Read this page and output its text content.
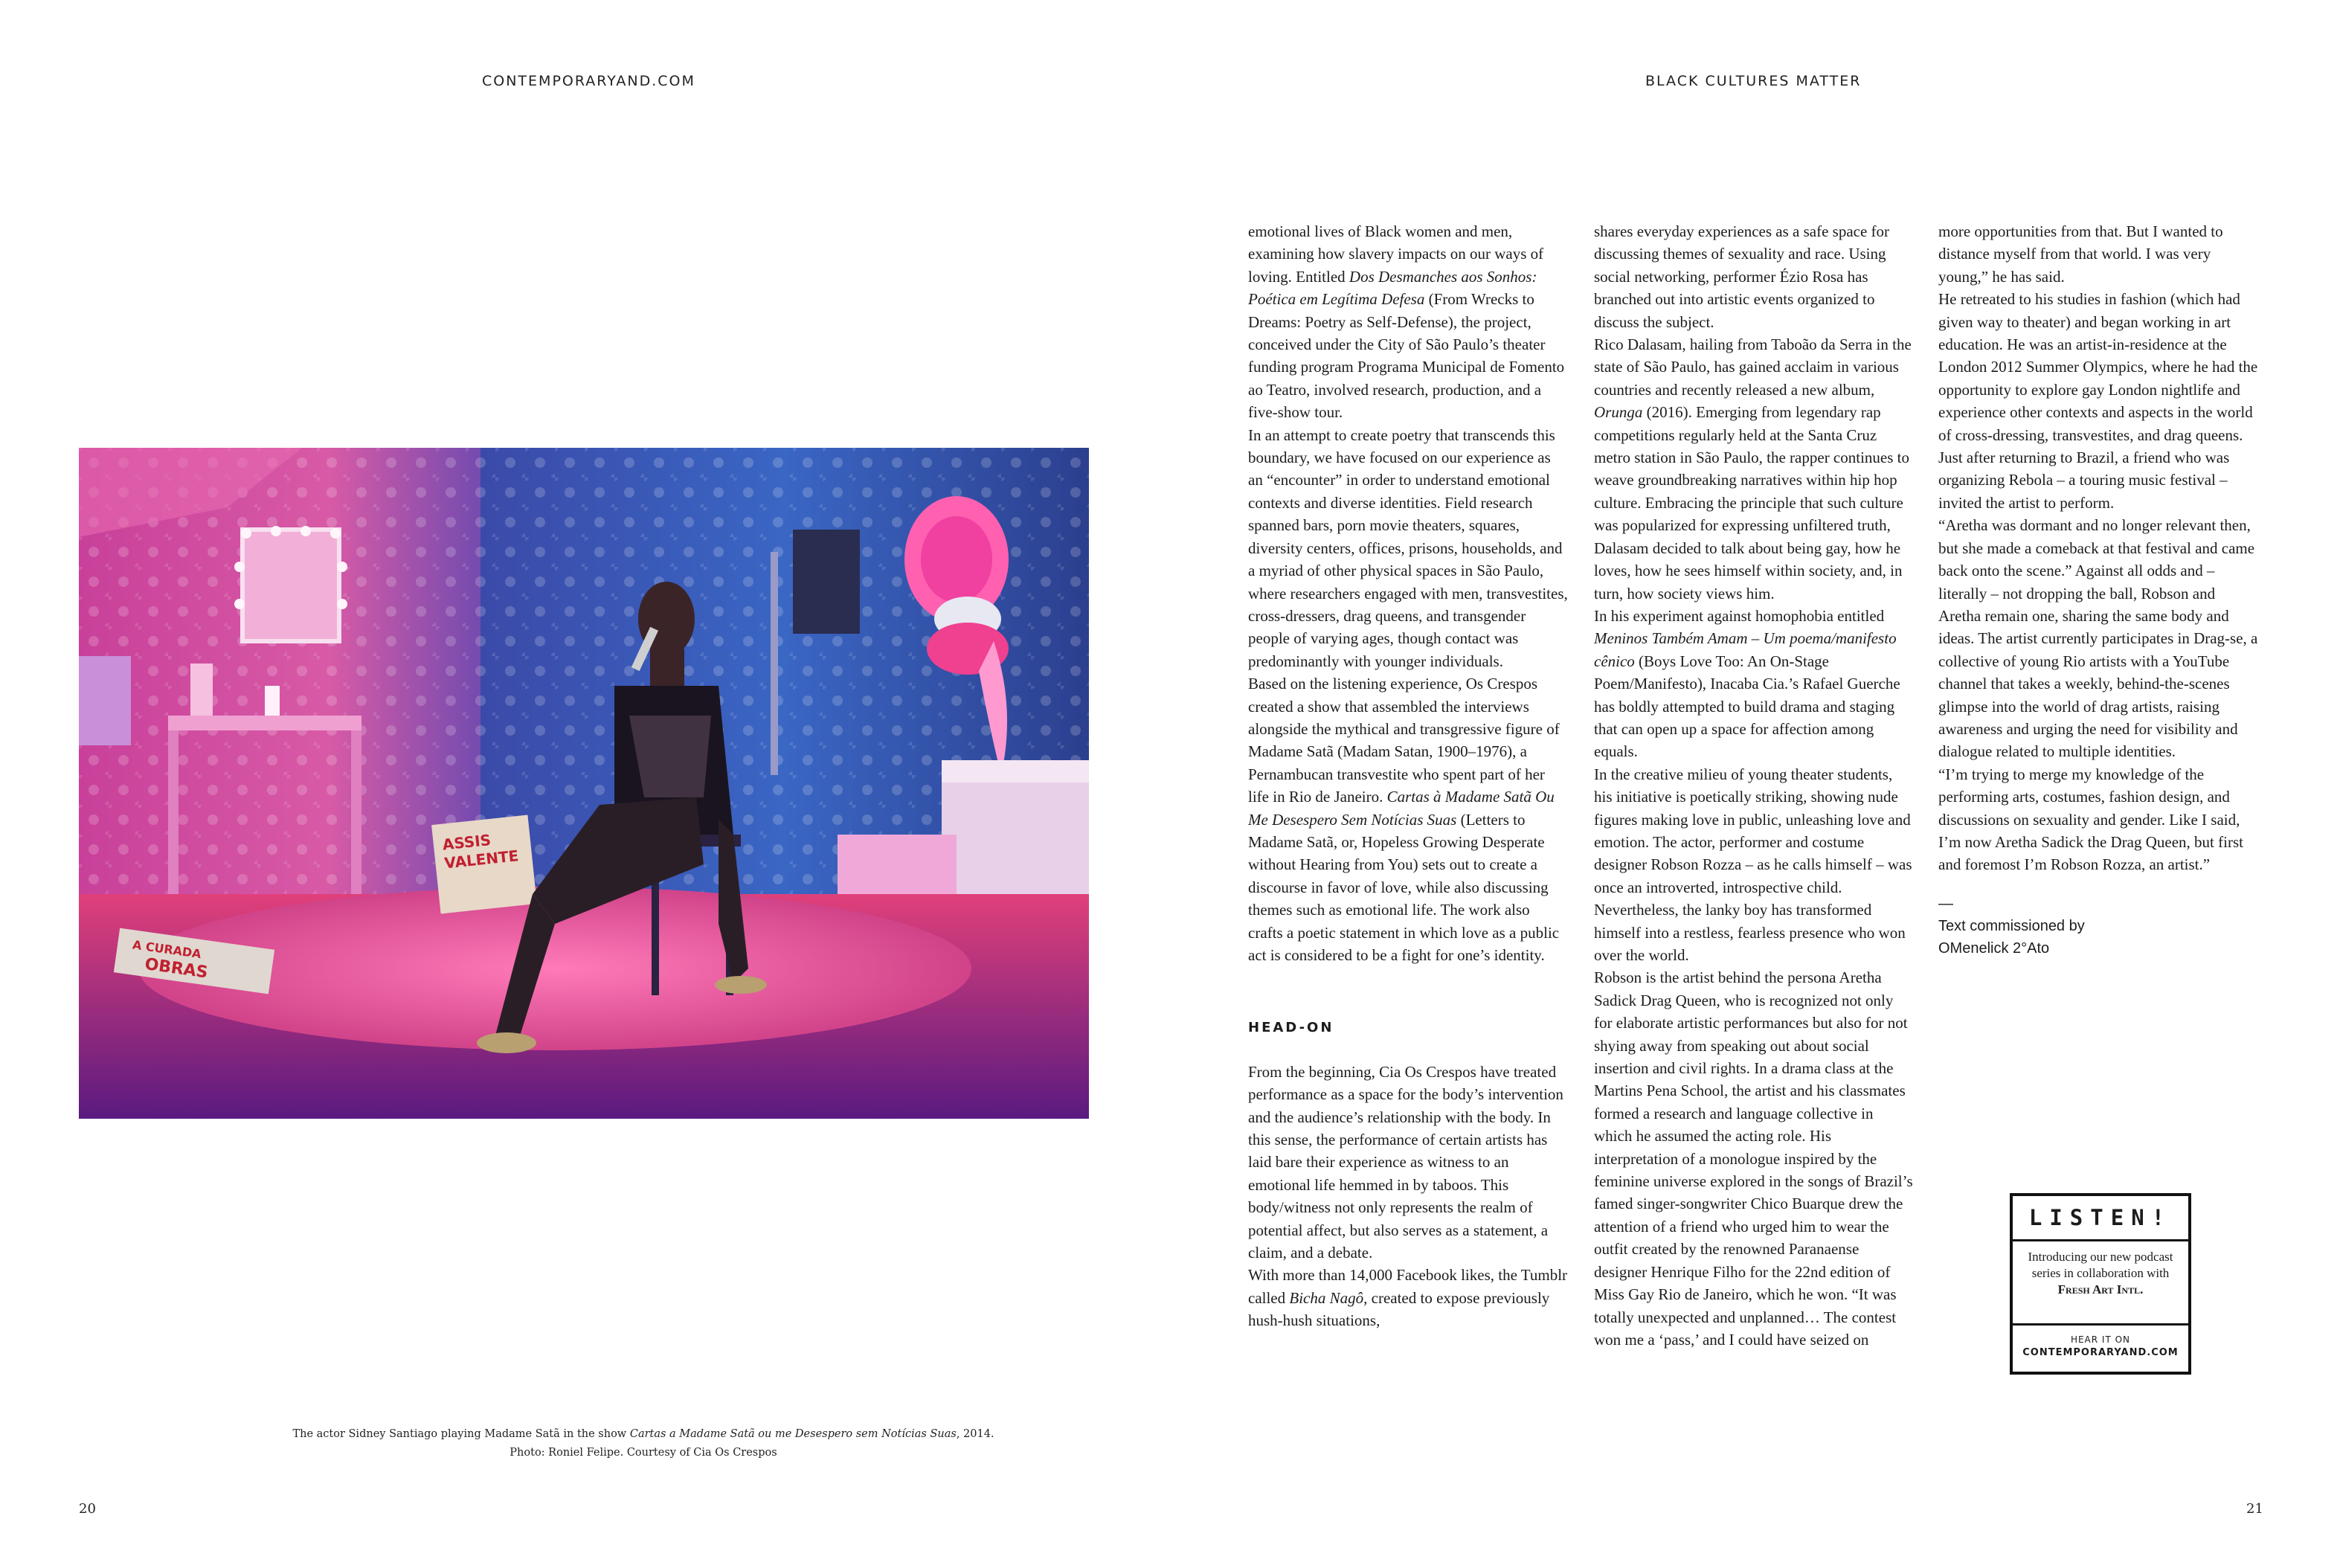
CONTEMPORARYAND.COM	BLACK CULTURES MATTER
ASSIS
VALENTE
A CURADA
OBRAS

The actor Sidney Santiago playing Madame Satã in the show Cartas a Madame Satã ou me Desespero sem Notícias Suas, 2014.

Photo: Roniel Felipe. Courtesy of Cia Os Crespos

emotional lives of Black women and men, examining how slavery impacts on our ways of loving. Entitled Dos Desmanches aos Sonhos: Poética em Legítima Defesa (From Wrecks to Dreams: Poetry as Self-Defense), the project, conceived under the City of São Paulo’s theater funding program Programa Municipal de Fomento ao Teatro, involved research, production, and a five-show tour.

In an attempt to create poetry that transcends this boundary, we have focused on our experience as an “encounter” in order to understand emotional contexts and diverse identities. Field research spanned bars, porn movie theaters, squares, diversity centers, offices, prisons, households, and a myriad of other physical spaces in São Paulo, where researchers engaged with men, transvestites, cross-dressers, drag queens, and transgender people of varying ages, though contact was predominantly with younger individuals.

Based on the listening experience, Os Crespos created a show that assembled the interviews alongside the mythical and transgressive figure of Madame Satã (Madam Satan, 1900–1976), a Pernambucan transvestite who spent part of her life in Rio de Janeiro. Cartas à Madame Satã Ou Me Desespero Sem Notícias Suas (Letters to Madame Satã, or, Hopeless Growing Desperate without Hearing from You) sets out to create a discourse in favor of love, while also discussing themes such as emotional life. The work also crafts a poetic statement in which love as a public act is considered to be a fight for one’s identity.

HEAD-ON

From the beginning, Cia Os Crespos have treated performance as a space for the body’s intervention and the audience’s relationship with the body. In this sense, the performance of certain artists has laid bare their experience as witness to an emotional life hemmed in by taboos. This body/witness not only represents the realm of potential affect, but also serves as a statement, a claim, and a debate.

With more than 14,000 Facebook likes, the Tumblr called Bicha Nagô, created to expose previously hush-hush situations,

shares everyday experiences as a safe space for discussing themes of sexuality and race. Using social networking, performer Ézio Rosa has branched out into artistic events organized to discuss the subject.

Rico Dalasam, hailing from Taboão da Serra in the state of São Paulo, has gained acclaim in various countries and recently released a new album, Orunga (2016). Emerging from legendary rap competitions regularly held at the Santa Cruz metro station in São Paulo, the rapper continues to weave groundbreaking narratives within hip hop culture. Embracing the principle that such culture was popularized for expressing unfiltered truth, Dalasam decided to talk about being gay, how he loves, how he sees himself within society, and, in turn, how society views him.

In his experiment against homophobia entitled Meninos Também Amam – Um poema/manifesto cênico (Boys Love Too: An On-Stage Poem/Manifesto), Inacaba Cia.’s Rafael Guerche has boldly attempted to build drama and staging that can open up a space for affection among equals.

In the creative milieu of young theater students, his initiative is poetically striking, showing nude figures making love in public, unleashing love and emotion. The actor, performer and costume designer Robson Rozza – as he calls himself – was once an introverted, introspective child. Nevertheless, the lanky boy has transformed himself into a restless, fearless presence who won over the world.

Robson is the artist behind the persona Aretha Sadick Drag Queen, who is recognized not only for elaborate artistic performances but also for not shying away from speaking out about social insertion and civil rights. In a drama class at the Martins Pena School, the artist and his classmates formed a research and language collective in which he assumed the acting role. His interpretation of a monologue inspired by the feminine universe explored in the songs of Brazil’s famed singer-songwriter Chico Buarque drew the attention of a friend who urged him to wear the outfit created by the renowned Paranaense designer Henrique Filho for the 22nd edition of Miss Gay Rio de Janeiro, which he won. “It was totally unexpected and unplanned… The contest won me a ‘pass,’ and I could have seized on

more opportunities from that. But I wanted to distance myself from that world. I was very young,” he has said.

He retreated to his studies in fashion (which had given way to theater) and began working in art education. He was an artist-in-residence at the London 2012 Summer Olympics, where he had the opportunity to explore gay London nightlife and experience other contexts and aspects in the world of cross-dressing, transvestites, and drag queens.

Just after returning to Brazil, a friend who was organizing Rebola – a touring music festival – invited the artist to perform.

“Aretha was dormant and no longer relevant then, but she made a comeback at that festival and came back onto the scene.” Against all odds and – literally – not dropping the ball, Robson and Aretha remain one, sharing the same body and ideas. The artist currently participates in Drag-se, a collective of young Rio artists with a YouTube channel that takes a weekly, behind-the-scenes glimpse into the world of drag artists, raising awareness and urging the need for visibility and dialogue related to multiple identities.

“I’m trying to merge my knowledge of the performing arts, costumes, fashion design, and discussions on sexuality and gender. Like I said, I’m now Aretha Sadick the Drag Queen, but first and foremost I’m Robson Rozza, an artist.”

—

Text commissioned by

OMenelick 2°Ato

LISTEN!
Introducing our new podcast series in collaboration with Fresh Art Intl.
HEAR IT ON
CONTEMPORARYAND.COM
20	21
